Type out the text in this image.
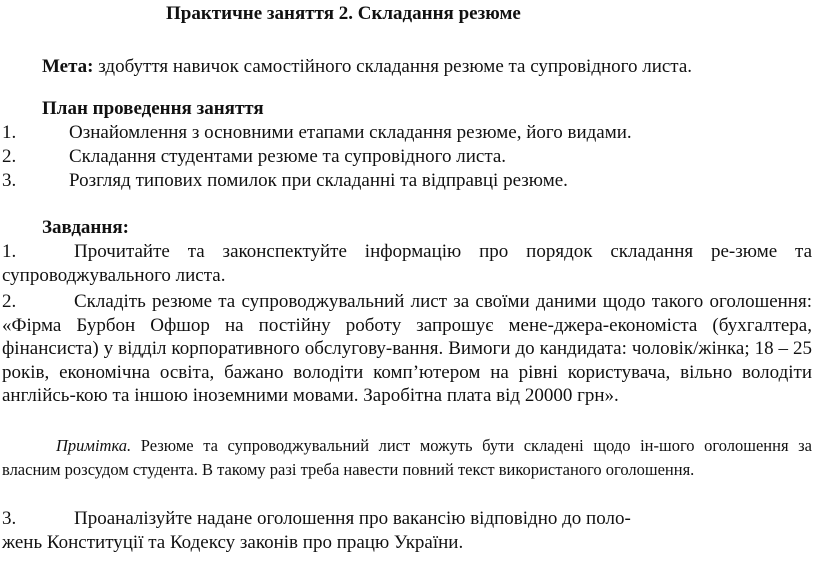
Практичне заняття 2. Складання резюме
Мета: здобуття навичок самостійного складання резюме та супровідного листа.
План проведення заняття
1.	Ознайомлення з основними етапами складання резюме, його видами.
2.	Складання студентами резюме та супровідного листа.
3.	Розгляд типових помилок при складанні та відправці резюме.
Завдання:
1.	Прочитайте та законспектуйте інформацію про порядок складання ре-зюме та супроводжувального листа.
2.	Складіть резюме та супроводжувальний лист за своїми даними щодо такого оголошення: «Фірма Бурбон Офшор на постійну роботу запрошує мене-джера-економіста (бухгалтера, фінансиста) у відділ корпоративного обслугову-вання. Вимоги до кандидата: чоловік/жінка; 18 – 25 років, економічна освіта, бажано володіти комп’ютером на рівні користувача, вільно володіти англійсь-кою та іншою іноземними мовами. Заробітна плата від 20000 грн».
Примітка. Резюме та супроводжувальний лист можуть бути складені щодо ін-шого оголошення за власним розсудом студента. В такому разі треба навести повний текст використаного оголошення.
3.	Проаналізуйте надане оголошення про вакансію відповідно до поло-
жень Конституції та Кодексу законів про працю України.
